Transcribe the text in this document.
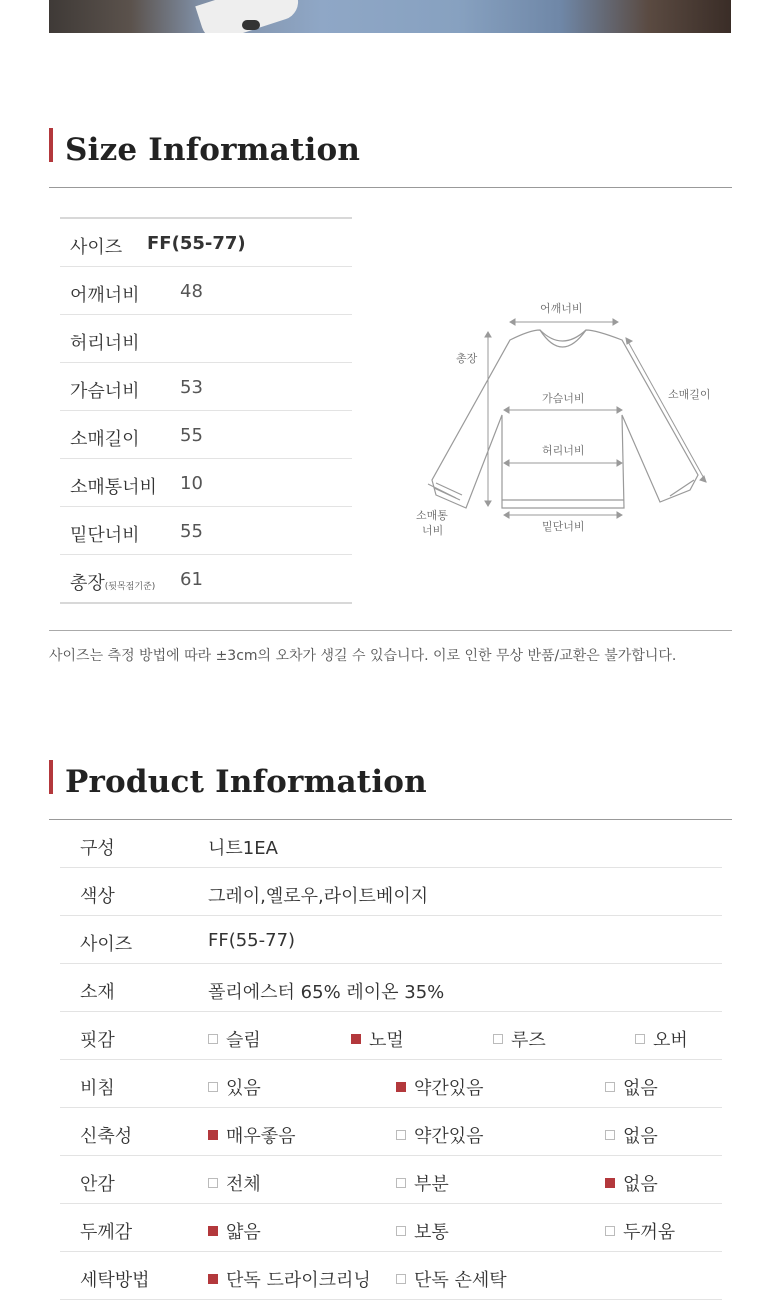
Size Information
사이즈 FF(55-77)
어깨너비 48
허리너비
가슴너비 53
소매길이 55
소매통너비 10
밑단너비 55
총장(뒷목점기준) 61
어깨너비
총장
가슴너비
허리너비
소매길이
소매통
너비	밑단너비
사이즈는 측정 방법에 따라 ±3cm의 오차가 생길 수 있습니다. 이로 인한 무상 반품/교환은 불가합니다.
Product Information
구성	니트1EA
색상	그레이,옐로우,라이트베이지
사이즈	FF(55-77)
소재	폴리에스터 65% 레이온 35%
핏감	슬림	노멀	루즈	오버
비침	있음	약간있음	없음
신축성	매우좋음	약간있음	없음
안감	전체	부분	없음
두께감	얇음	보통	두꺼움
세탁방법	단독 드라이크리닝	단독 손세탁
